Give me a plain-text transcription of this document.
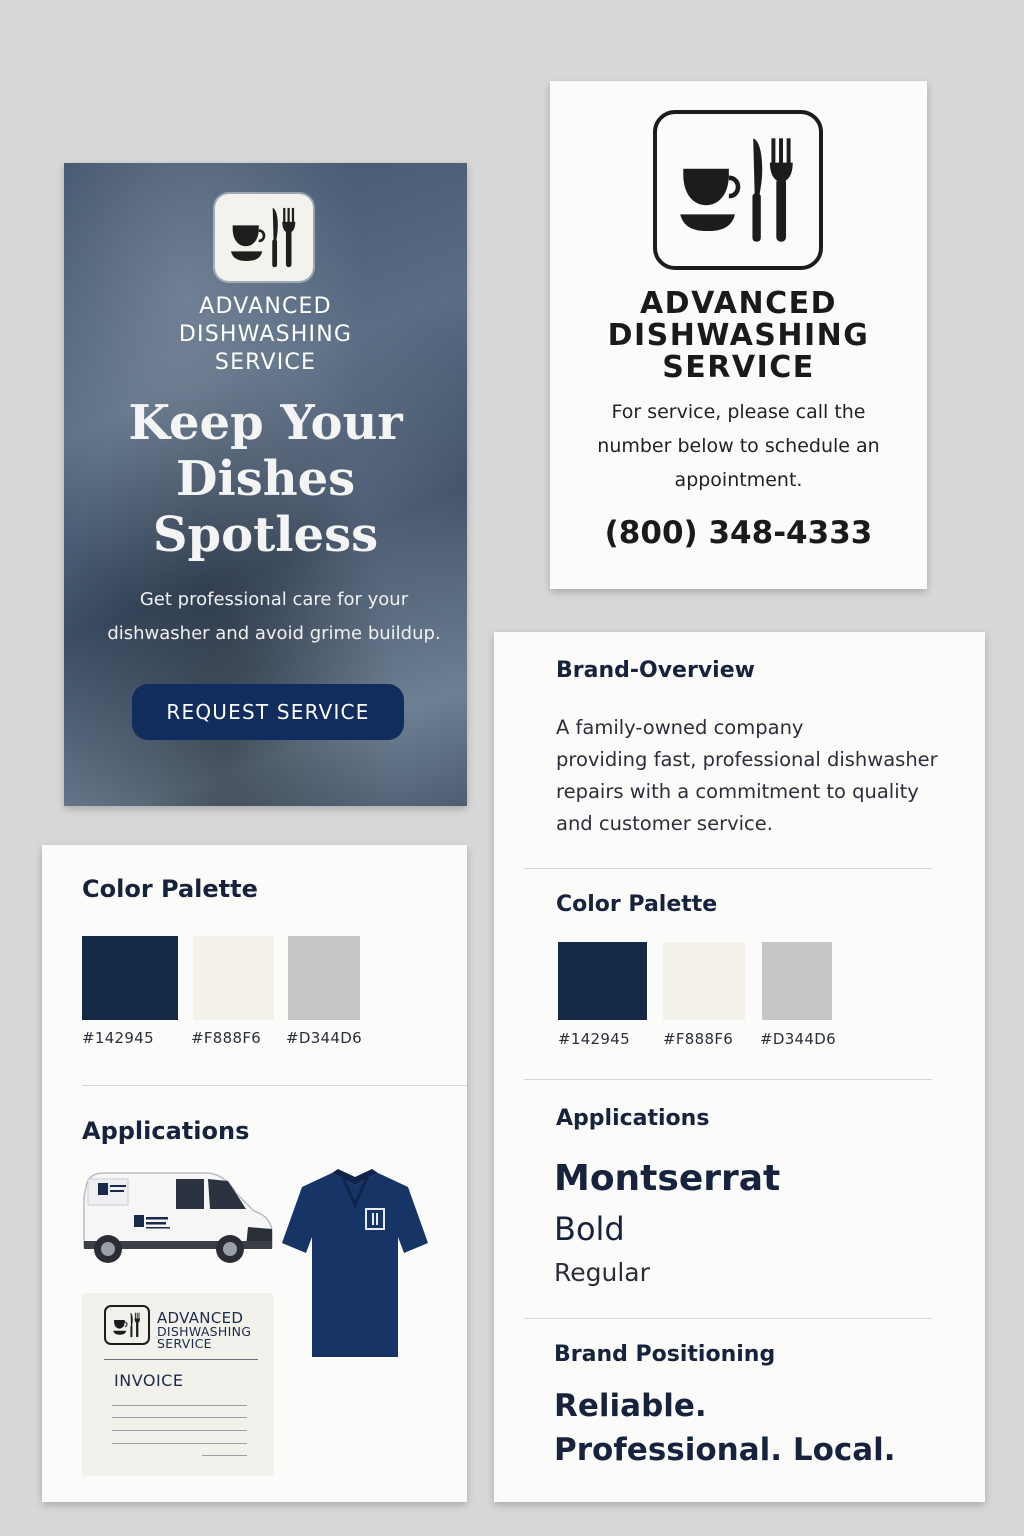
ADVANCED
DISHWASHING
SERVICE
Keep Your
Dishes
Spotless
Get professional care for your
dishwasher and avoid grime buildup.
REQUEST SERVICE
ADVANCED
DISHWASHING
SERVICE
For service, please call the
number below to schedule an
appointment.
(800) 348-4333
Brand-Overview
A family-owned company
providing fast, professional dishwasher
repairs with a commitment to quality
and customer service.
Color Palette
#142945 #F888F6 #D344D6
Applications
Montserrat
Bold
Regular
Brand Positioning
Reliable.
Professional. Local.
Color Palette
#142945 #F888F6 #D344D6
Applications
ADVANCED
DISHWASHING
SERVICE
INVOICE
